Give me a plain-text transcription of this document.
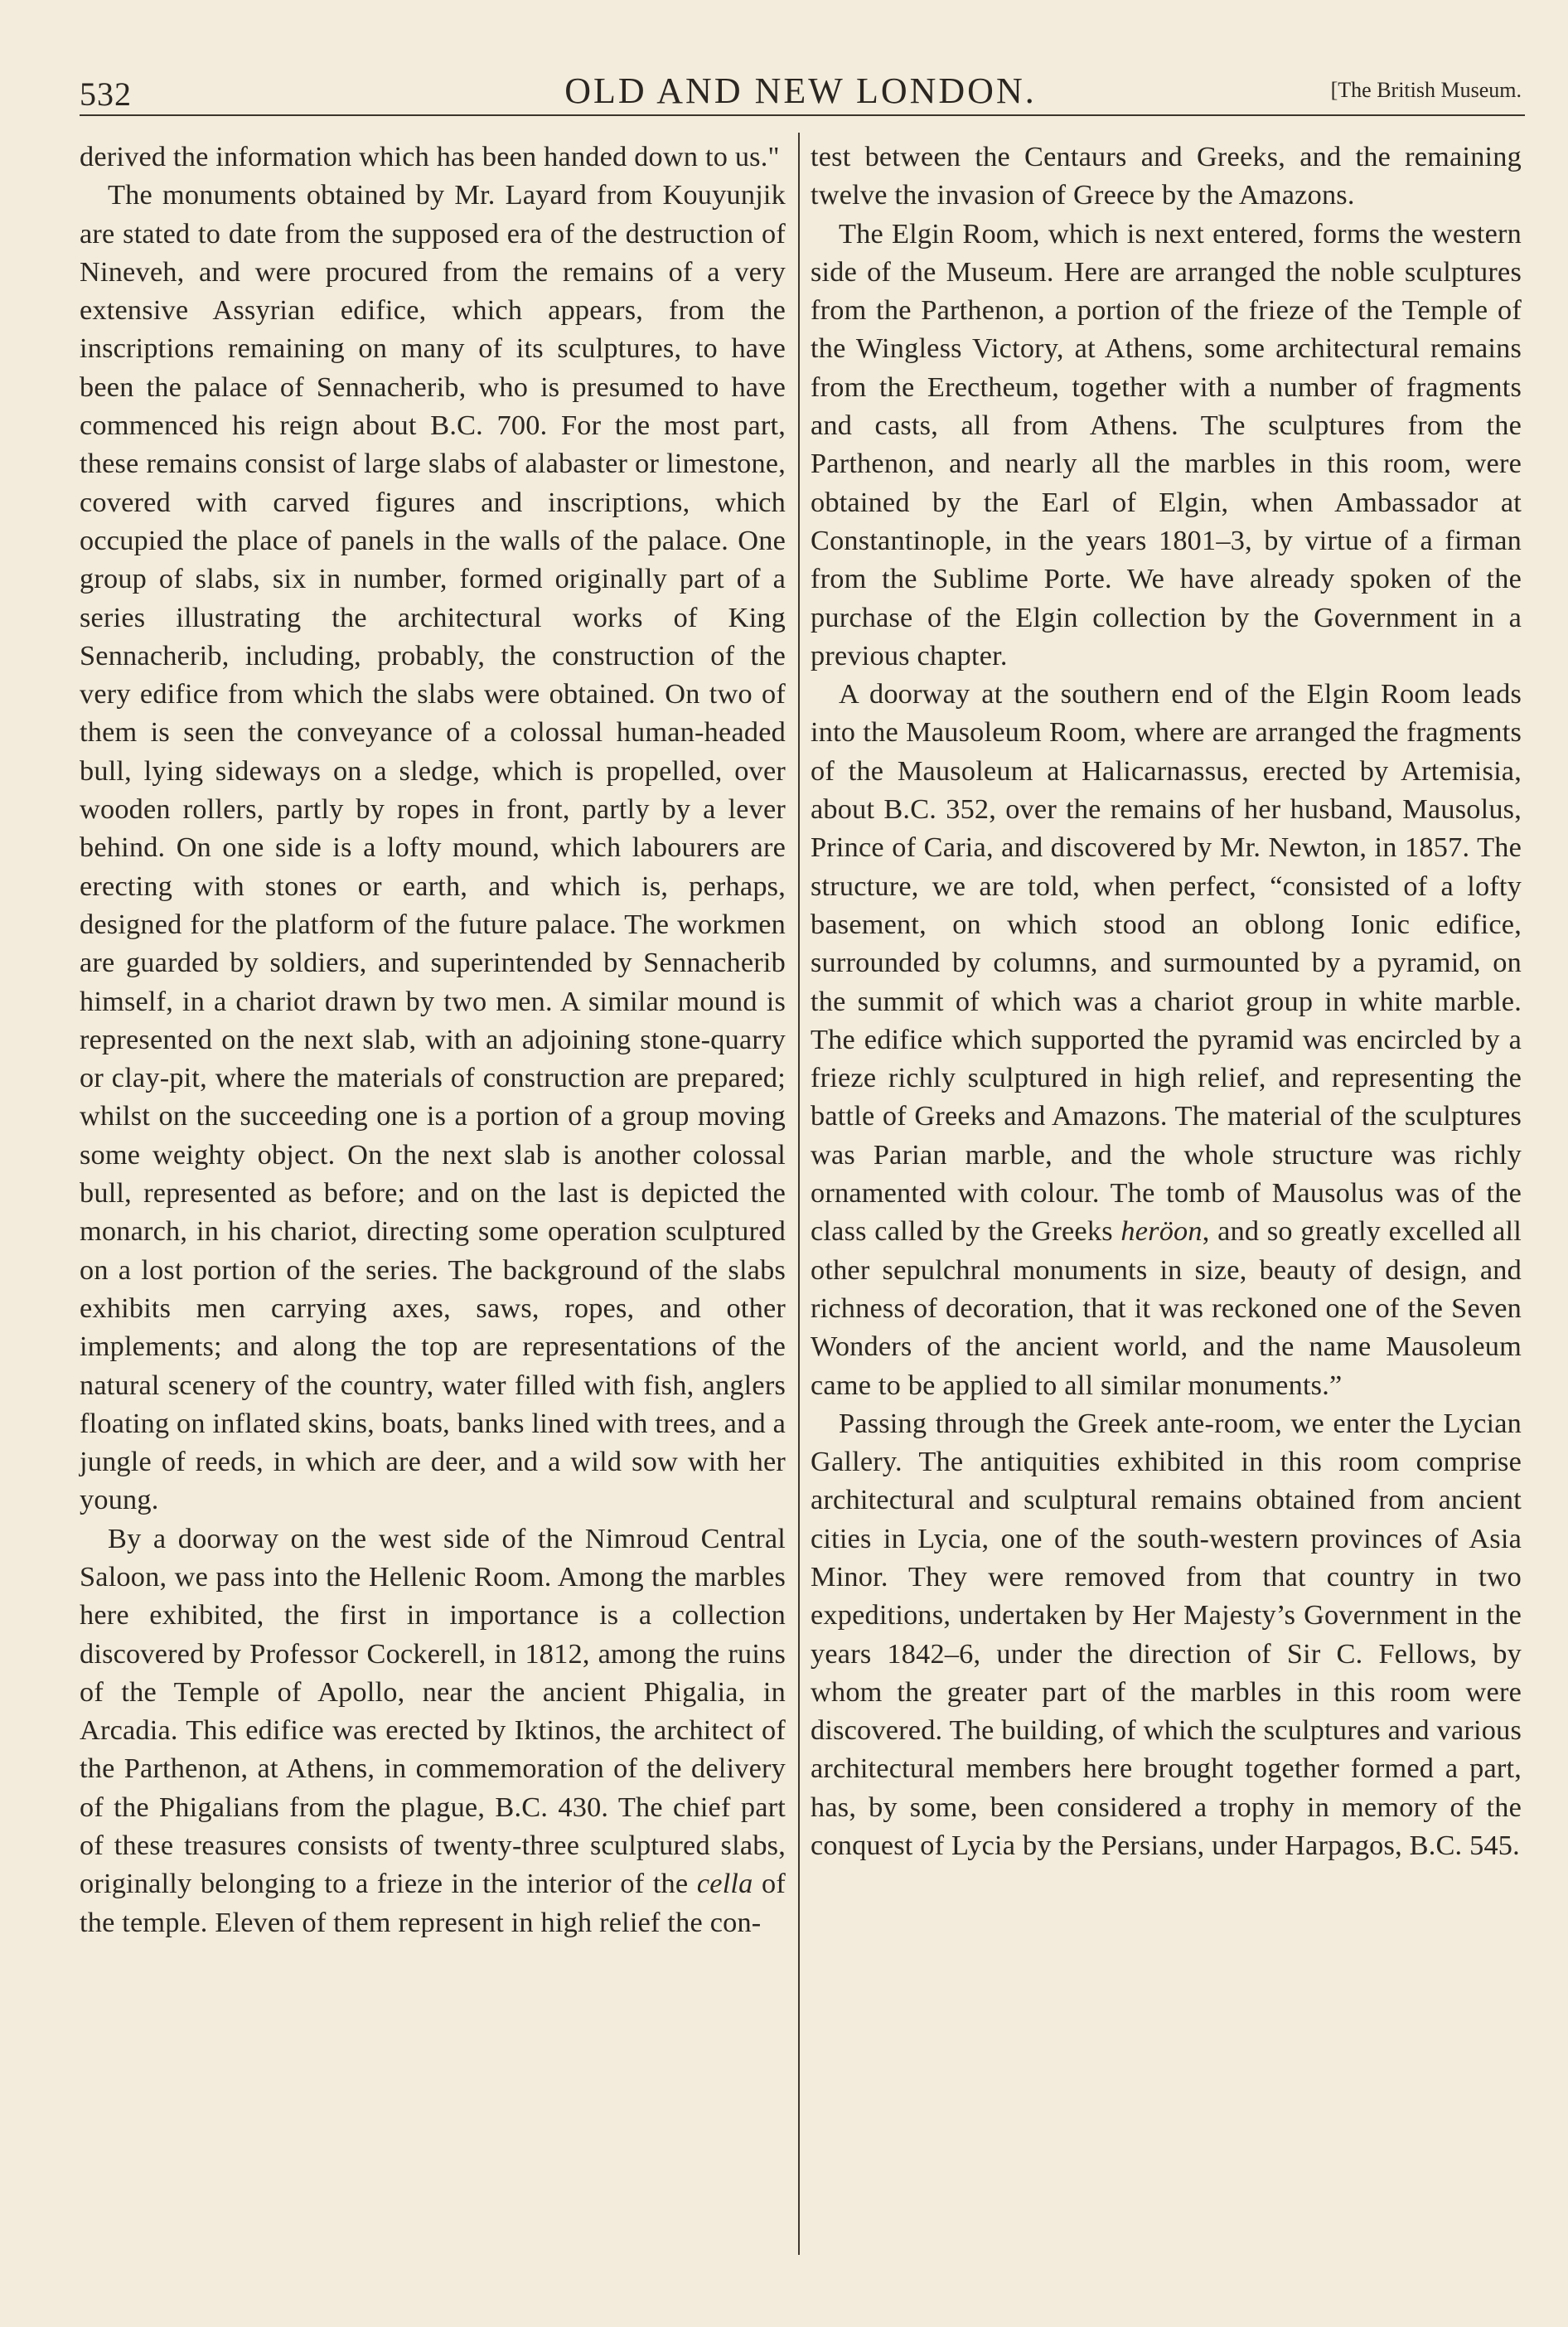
532	OLD AND NEW LONDON.	[The British Museum.

derived the information which has been handed down to us."

The monuments obtained by Mr. Layard from Kouyunjik are stated to date from the supposed era of the destruction of Nineveh, and were procured from the remains of a very extensive Assyrian edifice, which appears, from the inscriptions remaining on many of its sculptures, to have been the palace of Sennacherib, who is presumed to have commenced his reign about B.C. 700. For the most part, these remains consist of large slabs of alabaster or limestone, covered with carved figures and inscriptions, which occupied the place of panels in the walls of the palace. One group of slabs, six in number, formed originally part of a series illustrating the architectural works of King Sennacherib, including, probably, the construction of the very edifice from which the slabs were obtained. On two of them is seen the conveyance of a colossal human-headed bull, lying sideways on a sledge, which is propelled, over wooden rollers, partly by ropes in front, partly by a lever behind. On one side is a lofty mound, which labourers are erecting with stones or earth, and which is, perhaps, designed for the platform of the future palace. The workmen are guarded by soldiers, and superintended by Sennacherib himself, in a chariot drawn by two men. A similar mound is represented on the next slab, with an adjoining stone-quarry or clay-pit, where the materials of construction are prepared; whilst on the succeeding one is a portion of a group moving some weighty object. On the next slab is another colossal bull, represented as before; and on the last is depicted the monarch, in his chariot, directing some operation sculptured on a lost portion of the series. The background of the slabs exhibits men carrying axes, saws, ropes, and other implements; and along the top are representations of the natural scenery of the country, water filled with fish, anglers floating on inflated skins, boats, banks lined with trees, and a jungle of reeds, in which are deer, and a wild sow with her young.

By a doorway on the west side of the Nimroud Central Saloon, we pass into the Hellenic Room. Among the marbles here exhibited, the first in importance is a collection discovered by Professor Cockerell, in 1812, among the ruins of the Temple of Apollo, near the ancient Phigalia, in Arcadia. This edifice was erected by Iktinos, the architect of the Parthenon, at Athens, in commemoration of the delivery of the Phigalians from the plague, B.C. 430. The chief part of these treasures consists of twenty-three sculptured slabs, originally belonging to a frieze in the interior of the cella of the temple. Eleven of them represent in high relief the con-

test between the Centaurs and Greeks, and the remaining twelve the invasion of Greece by the Amazons.

The Elgin Room, which is next entered, forms the western side of the Museum. Here are arranged the noble sculptures from the Parthenon, a portion of the frieze of the Temple of the Wingless Victory, at Athens, some architectural remains from the Erectheum, together with a number of fragments and casts, all from Athens. The sculptures from the Parthenon, and nearly all the marbles in this room, were obtained by the Earl of Elgin, when Ambassador at Constantinople, in the years 1801–3, by virtue of a firman from the Sublime Porte. We have already spoken of the purchase of the Elgin collection by the Government in a previous chapter.

A doorway at the southern end of the Elgin Room leads into the Mausoleum Room, where are arranged the fragments of the Mausoleum at Halicarnassus, erected by Artemisia, about B.C. 352, over the remains of her husband, Mausolus, Prince of Caria, and discovered by Mr. Newton, in 1857. The structure, we are told, when perfect, “consisted of a lofty basement, on which stood an oblong Ionic edifice, surrounded by columns, and surmounted by a pyramid, on the summit of which was a chariot group in white marble. The edifice which supported the pyramid was encircled by a frieze richly sculptured in high relief, and representing the battle of Greeks and Amazons. The material of the sculptures was Parian marble, and the whole structure was richly ornamented with colour. The tomb of Mausolus was of the class called by the Greeks heröon, and so greatly excelled all other sepulchral monuments in size, beauty of design, and richness of decoration, that it was reckoned one of the Seven Wonders of the ancient world, and the name Mausoleum came to be applied to all similar monuments.”

Passing through the Greek ante-room, we enter the Lycian Gallery. The antiquities exhibited in this room comprise architectural and sculptural remains obtained from ancient cities in Lycia, one of the south-western provinces of Asia Minor. They were removed from that country in two expeditions, undertaken by Her Majesty’s Government in the years 1842–6, under the direction of Sir C. Fellows, by whom the greater part of the marbles in this room were discovered. The building, of which the sculptures and various architectural members here brought together formed a part, has, by some, been considered a trophy in memory of the conquest of Lycia by the Persians, under Harpagos, B.C. 545.
